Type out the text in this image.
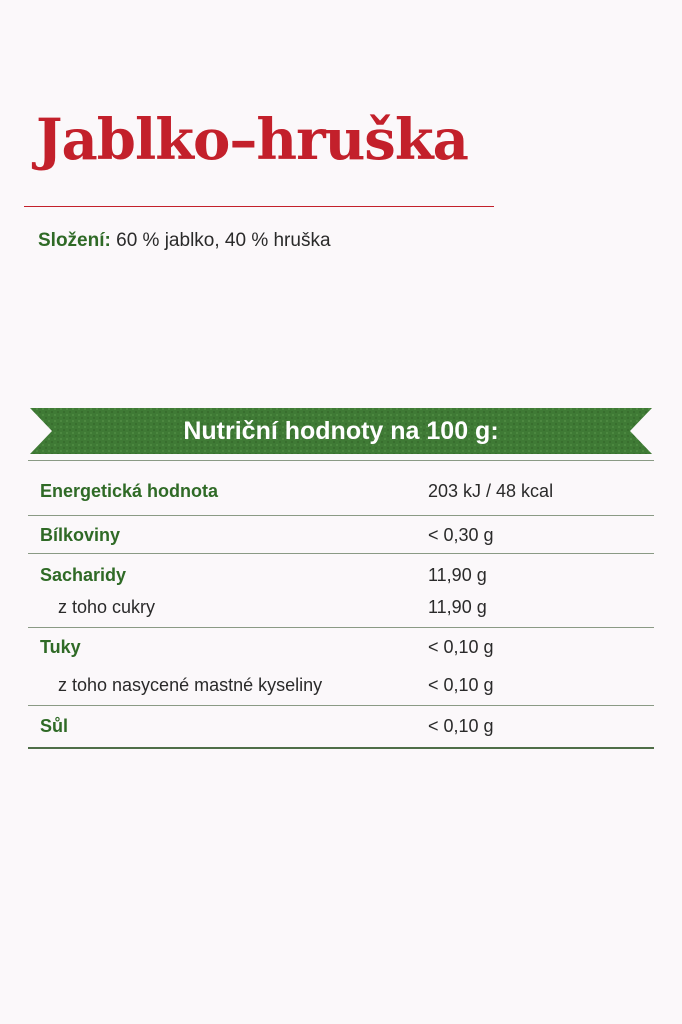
Jablko–hruška
Složení: 60 % jablko, 40 % hruška
Nutriční hodnoty na 100 g:
Energetická hodnota	203 kJ / 48 kcal
Bílkoviny	< 0,30 g
Sacharidy	11,90 g
z toho cukry	11,90 g
Tuky	< 0,10 g
z toho nasycené mastné kyseliny	< 0,10 g
Sůl	< 0,10 g
